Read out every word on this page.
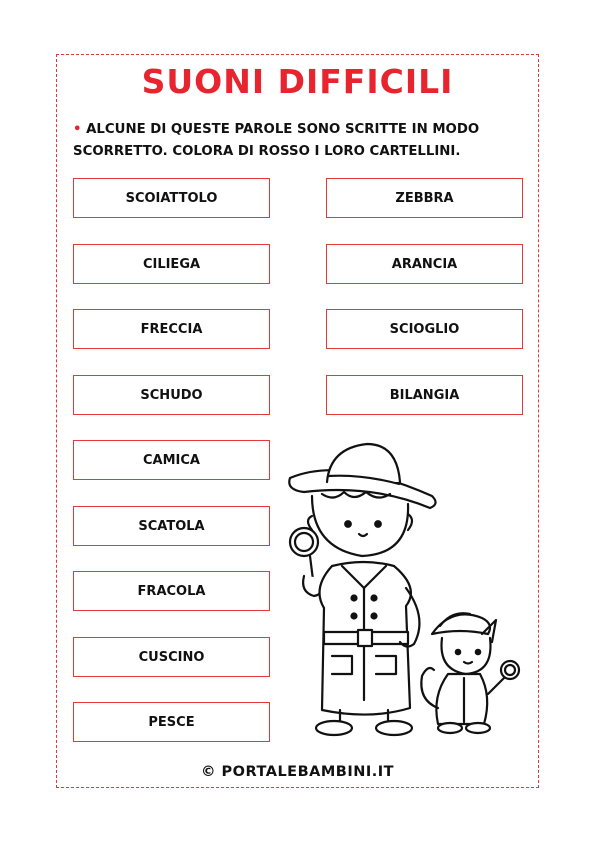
SUONI DIFFICILI
• ALCUNE DI QUESTE PAROLE SONO SCRITTE IN MODO
SCORRETTO. COLORA DI ROSSO I LORO CARTELLINI.
SCOIATTOLO
CILIEGA
FRECCIA
SCHUDO
CAMICA
SCATOLA
FRACOLA
CUSCINO
PESCE
ZEBBRA
ARANCIA
SCIOGLIO
BILANGIA
© PORTALEBAMBINI.IT
